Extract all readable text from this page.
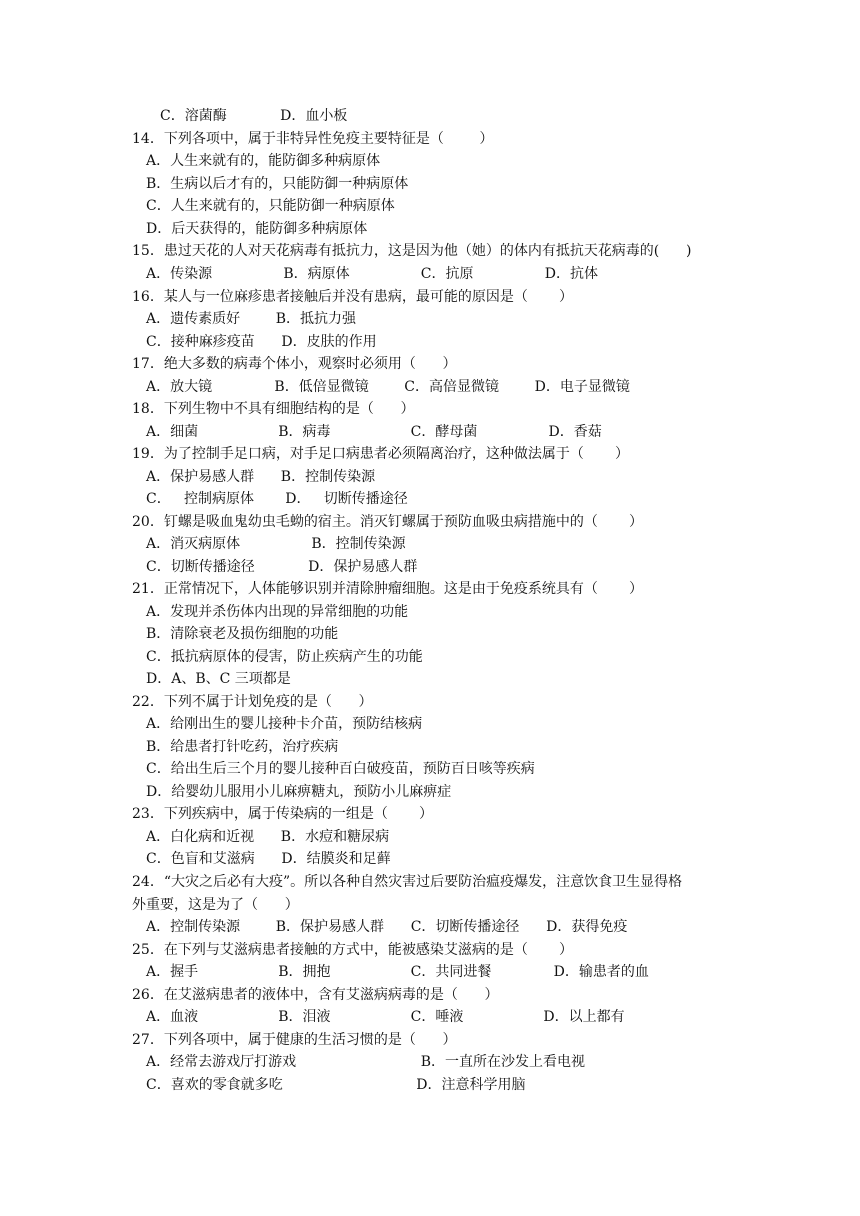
C．溶菌酶            D．血小板
14．下列各项中，属于非特异性免疫主要特征是（        ）
A．人生来就有的，能防御多种病原体
B．生病以后才有的，只能防御一种病原体
C．人生来就有的，只能防御一种病原体
D．后天获得的，能防御多种病原体
15．患过天花的人对天花病毒有抵抗力，这是因为他（她）的体内有抵抗天花病毒的(      )
A．传染源                B．病原体                C．抗原                D．抗体
16．某人与一位麻疹患者接触后并没有患病，最可能的原因是（       ）
A．遗传素质好        B．抵抗力强
C．接种麻疹疫苗      D．皮肤的作用
17．绝大多数的病毒个体小，观察时必须用（      ）
A．放大镜              B．低倍显微镜        C．高倍显微镜        D．电子显微镜
18．下列生物中不具有细胞结构的是（      ）
A．细菌                  B．病毒                  C．酵母菌                D．香菇
19．为了控制手足口病，对手足口病患者必须隔离治疗，这种做法属于（       ）
A．保护易感人群      B．控制传染源
C．   控制病原体       D．   切断传播途径
20．钉螺是吸血鬼幼虫毛蚴的宿主。消灭钉螺属于预防血吸虫病措施中的（       ）
A．消灭病原体                B．控制传染源
C．切断传播途径            D．保护易感人群
21．正常情况下，人体能够识别并清除肿瘤细胞。这是由于免疫系统具有（       ）
A．发现并杀伤体内出现的异常细胞的功能
B．清除衰老及损伤细胞的功能
C．抵抗病原体的侵害，防止疾病产生的功能
D．A、B、C 三项都是
22．下列不属于计划免疫的是（      ）
A．给刚出生的婴儿接种卡介苗，预防结核病
B．给患者打针吃药，治疗疾病
C．给出生后三个月的婴儿接种百白破疫苗，预防百日咳等疾病
D．给婴幼儿服用小儿麻痹糖丸，预防小儿麻痹症
23．下列疾病中，属于传染病的一组是（       ）
A．白化病和近视      B．水痘和糖尿病
C．色盲和艾滋病      D．结膜炎和足藓
24．“大灾之后必有大疫”。所以各种自然灾害过后要防治瘟疫爆发，注意饮食卫生显得格
外重要，这是为了（      ）
A．控制传染源        B．保护易感人群      C．切断传播途径      D．获得免疫
25．在下列与艾滋病患者接触的方式中，能被感染艾滋病的是（       ）
A．握手                  B．拥抱                  C．共同进餐              D．输患者的血
26．在艾滋病患者的液体中，含有艾滋病病毒的是（      ）
A．血液                  B．泪液                  C．唾液                  D．以上都有
27．下列各项中，属于健康的生活习惯的是（      ）
A．经常去游戏厅打游戏                            B．一直所在沙发上看电视
C．喜欢的零食就多吃                              D．注意科学用脑
